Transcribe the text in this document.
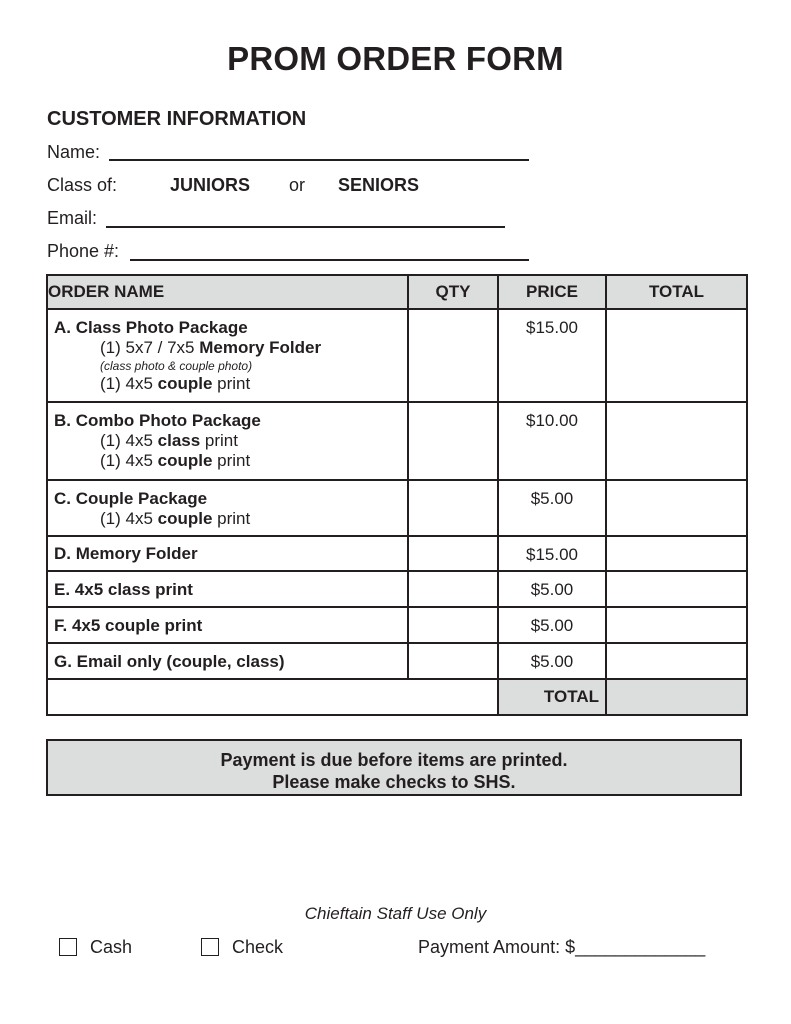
PROM ORDER FORM
CUSTOMER INFORMATION
Name:
Class of:	JUNIORS or SENIORS
Email:
Phone #:
ORDER NAME	QTY	PRICE	TOTAL

A. Class Photo Package
(1) 5x7 / 7x5 Memory Folder
(class photo & couple photo)
(1) 4x5 couple print		$15.00	

B. Combo Photo Package
(1) 4x5 class print
(1) 4x5 couple print		$10.00	

C. Couple Package
(1) 4x5 couple print		$5.00	

D. Memory Folder		$15.00	

E. 4x5 class print		$5.00	

F. 4x5 couple print		$5.00	

G. Email only (couple, class)		$5.00	
		TOTAL	
Payment is due before items are printed.
Please make checks to SHS.
Chieftain Staff Use Only
Cash	Check	Payment Amount: $_____________
